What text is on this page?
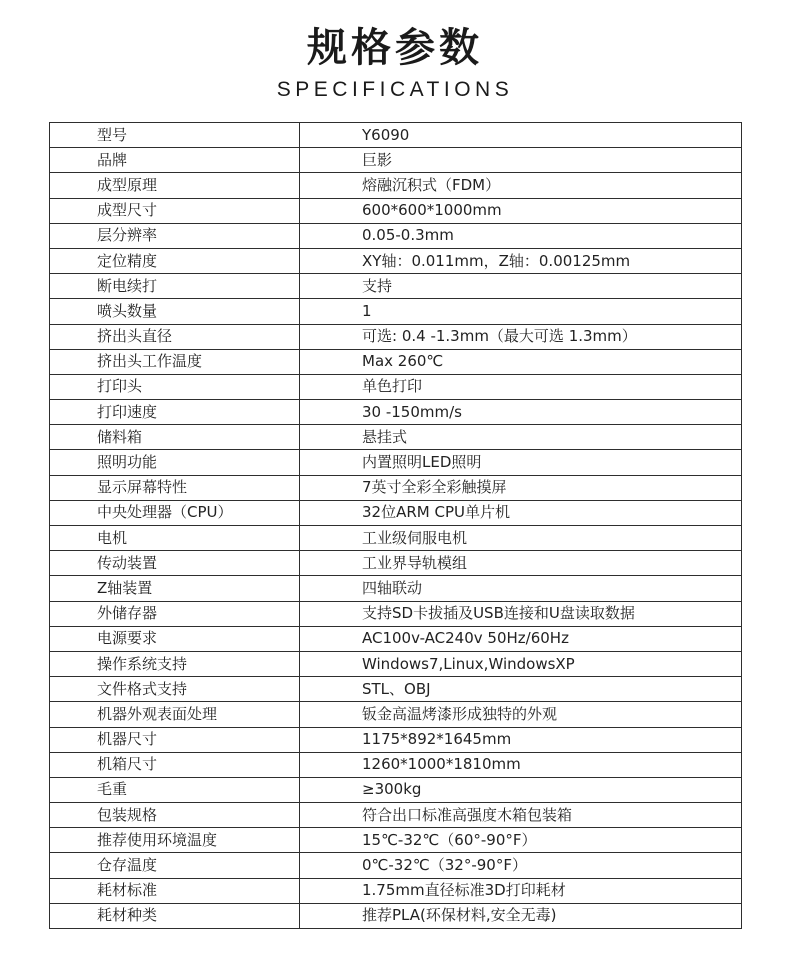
规格参数
SPECIFICATIONS
型号	Y6090
品牌	巨影
成型原理	熔融沉积式（FDM）
成型尺寸	600*600*1000mm
层分辨率	0.05-0.3mm
定位精度	XY轴：0.011mm，Z轴：0.00125mm
断电续打	支持
喷头数量	1
挤出头直径	可选: 0.4 -1.3mm（最大可选 1.3mm）
挤出头工作温度	Max 260℃
打印头	单色打印
打印速度	30 -150mm/s
储料箱	悬挂式
照明功能	内置照明LED照明
显示屏幕特性	7英寸全彩全彩触摸屏
中央处理器（CPU）	32位ARM CPU单片机
电机	工业级伺服电机
传动装置	工业界导轨模组
Z轴装置	四轴联动
外储存器	支持SD卡拔插及USB连接和U盘读取数据
电源要求	AC100v-AC240v 50Hz/60Hz
操作系统支持	Windows7,Linux,WindowsXP
文件格式支持	STL、OBJ
机器外观表面处理	钣金高温烤漆形成独特的外观
机器尺寸	1175*892*1645mm
机箱尺寸	1260*1000*1810mm
毛重	≥300kg
包装规格	符合出口标准高强度木箱包装箱
推荐使用环境温度	15℃-32℃（60°-90°F）
仓存温度	0℃-32℃（32°-90°F）
耗材标准	1.75mm直径标准3D打印耗材
耗材种类	推荐PLA(环保材料,安全无毒)
